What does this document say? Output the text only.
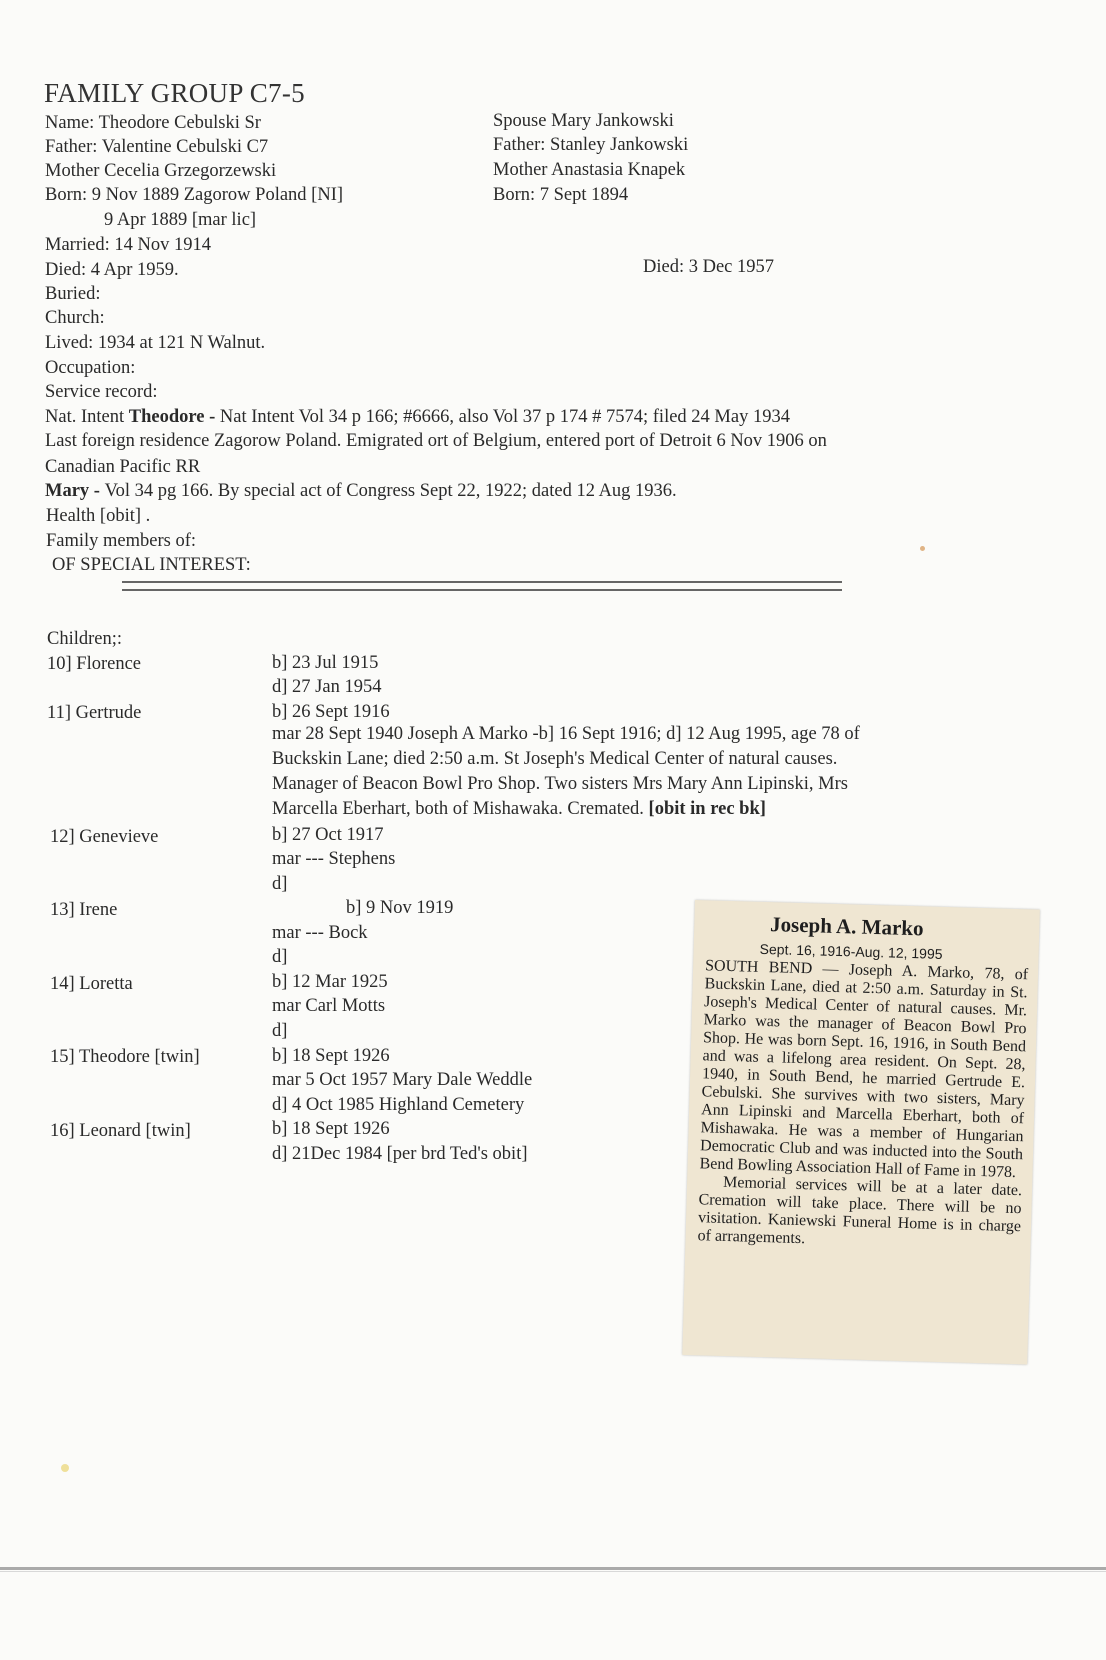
FAMILY GROUP C7-5
Name: Theodore Cebulski Sr
Father: Valentine Cebulski C7
Mother Cecelia Grzegorzewski
Born: 9 Nov 1889 Zagorow Poland [NI]
9 Apr 1889 [mar lic]
Married: 14 Nov 1914
Died: 4 Apr 1959.
Buried:
Church:
Lived: 1934 at 121 N Walnut.
Occupation:
Service record:
Spouse Mary Jankowski
Father: Stanley Jankowski
Mother Anastasia Knapek
Born: 7 Sept 1894
Died: 3 Dec 1957
Nat. Intent Theodore - Nat Intent Vol 34 p 166; #6666, also Vol 37 p 174 # 7574; filed 24 May 1934
Last foreign residence Zagorow Poland. Emigrated ort of Belgium, entered port of Detroit 6 Nov 1906 on
Canadian Pacific RR
Mary - Vol 34 pg 166. By special act of Congress Sept 22, 1922; dated 12 Aug 1936.
Health [obit] .
Family members of:
OF SPECIAL INTEREST:
Children;:
10] Florence
11] Gertrude
12] Genevieve
13] Irene
14] Loretta
15] Theodore [twin]
16] Leonard [twin]
b] 23 Jul 1915
d] 27 Jan 1954
b] 26 Sept 1916
mar 28 Sept 1940 Joseph A Marko -b] 16 Sept 1916; d] 12 Aug 1995, age 78 of
Buckskin Lane; died 2:50 a.m. St Joseph's Medical Center of natural causes.
Manager of Beacon Bowl Pro Shop. Two sisters Mrs Mary Ann Lipinski, Mrs
Marcella Eberhart, both of Mishawaka. Cremated. [obit in rec bk]
b] 27 Oct 1917
mar --- Stephens
d]
b] 9 Nov 1919
mar --- Bock
d]
b] 12 Mar 1925
mar Carl Motts
d]
b] 18 Sept 1926
mar 5 Oct 1957 Mary Dale Weddle
d] 4 Oct 1985 Highland Cemetery
b] 18 Sept 1926
d] 21Dec 1984 [per brd Ted's obit]
Joseph A. Marko
Sept. 16, 1916-Aug. 12, 1995

SOUTH BEND — Joseph A. Marko, 78, of Buckskin Lane, died at 2:50 a.m. Saturday in St. Joseph's Medical Center of natural causes. Mr. Marko was the manager of Beacon Bowl Pro Shop. He was born Sept. 16, 1916, in South Bend and was a lifelong area resident. On Sept. 28, 1940, in South Bend, he married Gertrude E. Cebulski. She survives with two sisters, Mary Ann Lipinski and Marcella Eberhart, both of Mishawaka. He was a member of Hungarian Democratic Club and was inducted into the South Bend Bowling Association Hall of Fame in 1978.

Memorial services will be at a later date. Cremation will take place. There will be no visitation. Kaniewski Funeral Home is in charge of arrangements.
